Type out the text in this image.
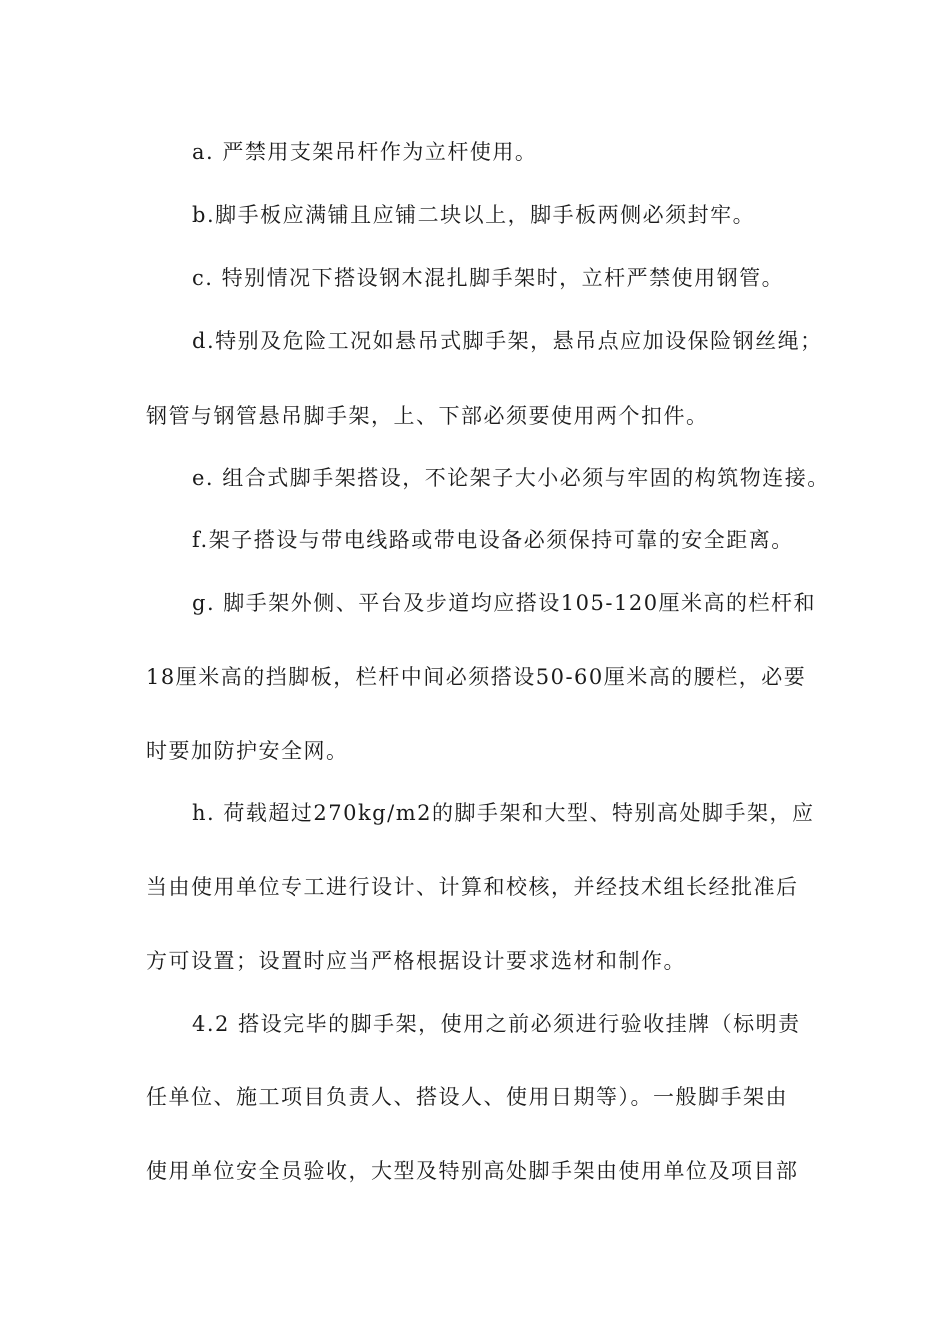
a. 严禁用支架吊杆作为立杆使用。
b.脚手板应满铺且应铺二块以上，脚手板两侧必须封牢。
c. 特别情况下搭设钢木混扎脚手架时，立杆严禁使用钢管。
d.特别及危险工况如悬吊式脚手架，悬吊点应加设保险钢丝绳；
钢管与钢管悬吊脚手架，上、下部必须要使用两个扣件。
e. 组合式脚手架搭设，不论架子大小必须与牢固的构筑物连接。
f.架子搭设与带电线路或带电设备必须保持可靠的安全距离。
g. 脚手架外侧、平台及步道均应搭设105-120厘米高的栏杆和
18厘米高的挡脚板，栏杆中间必须搭设50-60厘米高的腰栏，必要
时要加防护安全网。
h. 荷载超过270kg/m2的脚手架和大型、特别高处脚手架，应
当由使用单位专工进行设计、计算和校核，并经技术组长经批准后
方可设置；设置时应当严格根据设计要求选材和制作。
4.2 搭设完毕的脚手架，使用之前必须进行验收挂牌（标明责
任单位、施工项目负责人、搭设人、使用日期等）。一般脚手架由
使用单位安全员验收，大型及特别高处脚手架由使用单位及项目部
